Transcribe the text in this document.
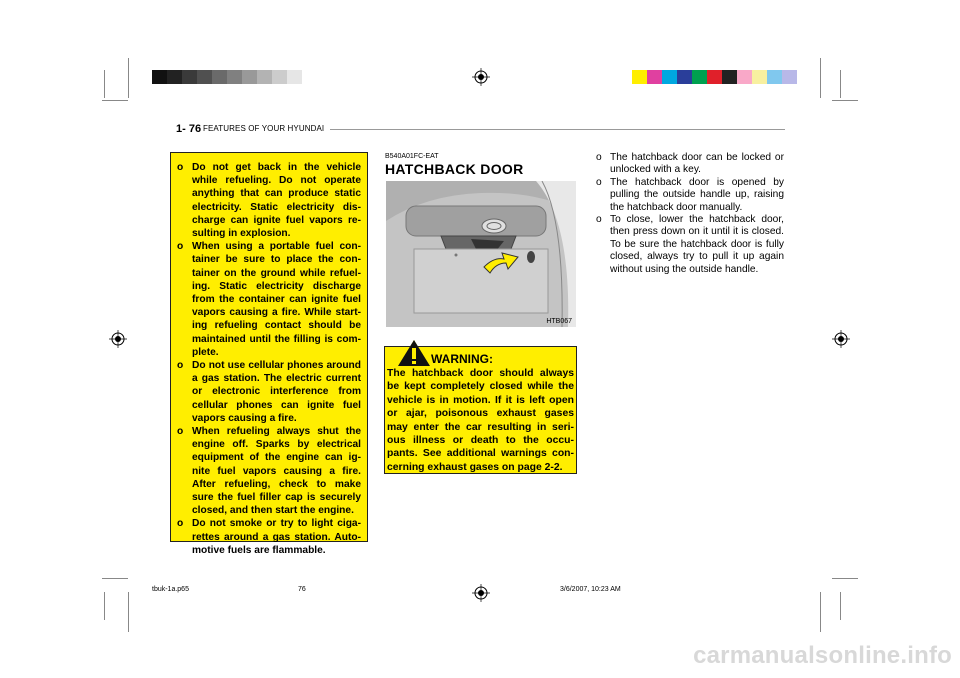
1- 76 FEATURES OF YOUR HYUNDAI
o Do not get back in the vehicle while refueling. Do not operate anything that can produce static electricity. Static electricity dis- charge can ignite fuel vapors re- sulting in explosion.
o When using a portable fuel con- tainer be sure to place the con- tainer on the ground while refuel- ing. Static electricity discharge from the container can ignite fuel vapors causing a fire. While start- ing refueling contact should be maintained until the filling is com- plete.
o Do not use cellular phones around a gas station. The electric current or electronic interference from cellular phones can ignite fuel vapors causing a fire.
o When refueling always shut the engine off. Sparks by electrical equipment of the engine can ig- nite fuel vapors causing a fire. After refueling, check to make sure the fuel filler cap is securely closed, and then start the engine.
o Do not smoke or try to light ciga- rettes around a gas station. Auto- motive fuels are flammable.
B540A01FC-EAT
HATCHBACK DOOR
HTB067
WARNING:
The hatchback door should always be kept completely closed while the vehicle is in motion. If it is left open or ajar, poisonous exhaust gases may enter the car resulting in seri- ous illness or death to the occu- pants. See additional warnings con- cerning exhaust gases on page 2-2.
o The hatchback door can be locked or unlocked with a key.
o The hatchback door is opened by pulling the outside handle up, raising the hatchback door manually.
o To close, lower the hatchback door, then press down on it until it is closed. To be sure the hatchback door is fully closed, always try to pull it up again without using the outside handle.
tbuk-1a.p65	76	3/6/2007, 10:23 AM
carmanualsonline.info
